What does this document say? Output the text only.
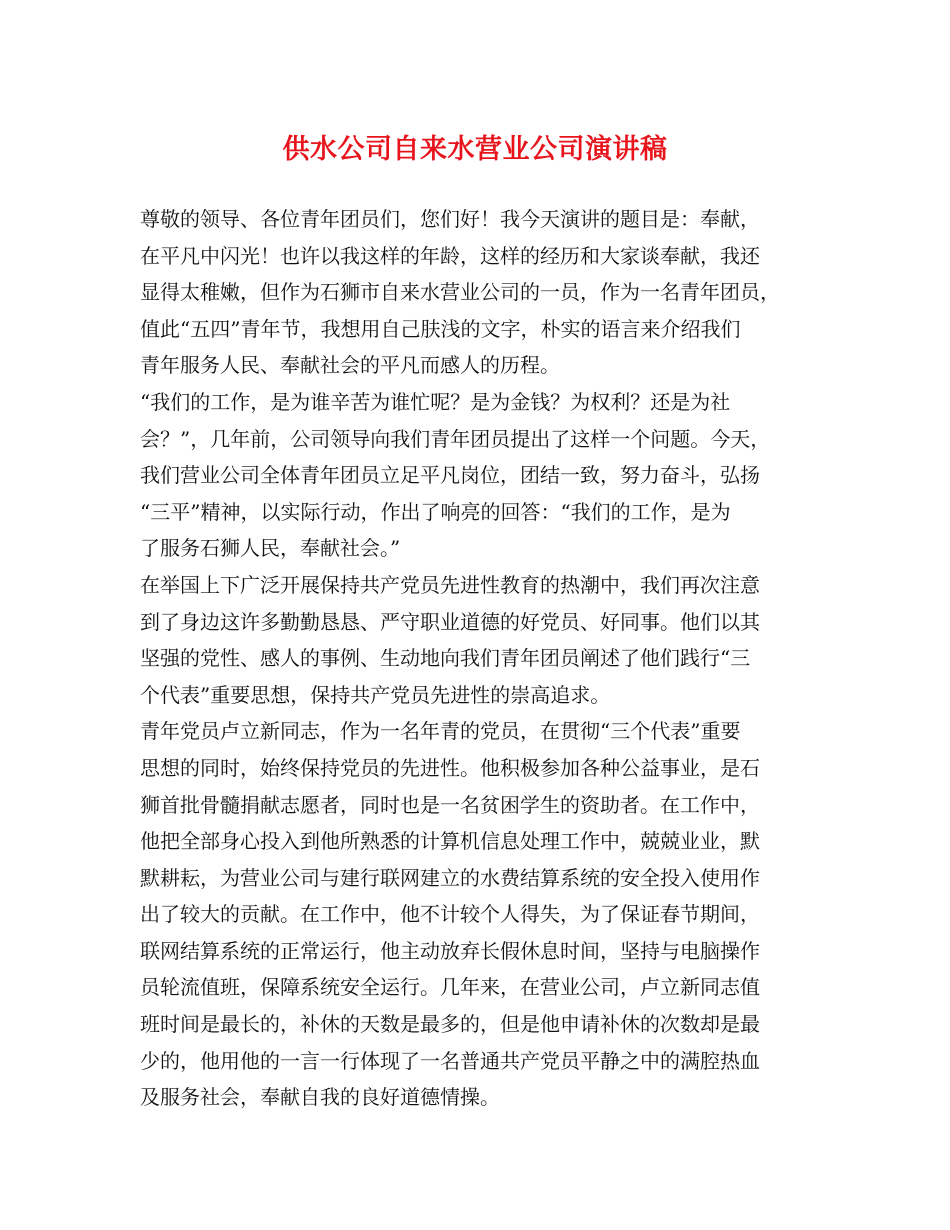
供水公司自来水营业公司演讲稿
尊敬的领导、各位青年团员们，您们好！我今天演讲的题目是：奉献，
在平凡中闪光！也许以我这样的年龄，这样的经历和大家谈奉献，我还
显得太稚嫩，但作为石狮市自来水营业公司的一员，作为一名青年团员，
值此“五四”青年节，我想用自己肤浅的文字，朴实的语言来介绍我们
青年服务人民、奉献社会的平凡而感人的历程。
“我们的工作，是为谁辛苦为谁忙呢？是为金钱？为权利？还是为社
会？”，几年前，公司领导向我们青年团员提出了这样一个问题。今天，
我们营业公司全体青年团员立足平凡岗位，团结一致，努力奋斗，弘扬
“三平”精神，以实际行动，作出了响亮的回答：“我们的工作，是为
了服务石狮人民，奉献社会。”
在举国上下广泛开展保持共产党员先进性教育的热潮中，我们再次注意
到了身边这许多勤勤恳恳、严守职业道德的好党员、好同事。他们以其
坚强的党性、感人的事例、生动地向我们青年团员阐述了他们践行“三
个代表”重要思想，保持共产党员先进性的崇高追求。
青年党员卢立新同志，作为一名年青的党员，在贯彻“三个代表”重要
思想的同时，始终保持党员的先进性。他积极参加各种公益事业，是石
狮首批骨髓捐献志愿者，同时也是一名贫困学生的资助者。在工作中，
他把全部身心投入到他所熟悉的计算机信息处理工作中，兢兢业业，默
默耕耘，为营业公司与建行联网建立的水费结算系统的安全投入使用作
出了较大的贡献。在工作中，他不计较个人得失，为了保证春节期间，
联网结算系统的正常运行，他主动放弃长假休息时间，坚持与电脑操作
员轮流值班，保障系统安全运行。几年来，在营业公司，卢立新同志值
班时间是最长的，补休的天数是最多的，但是他申请补休的次数却是最
少的，他用他的一言一行体现了一名普通共产党员平静之中的满腔热血
及服务社会，奉献自我的良好道德情操。
